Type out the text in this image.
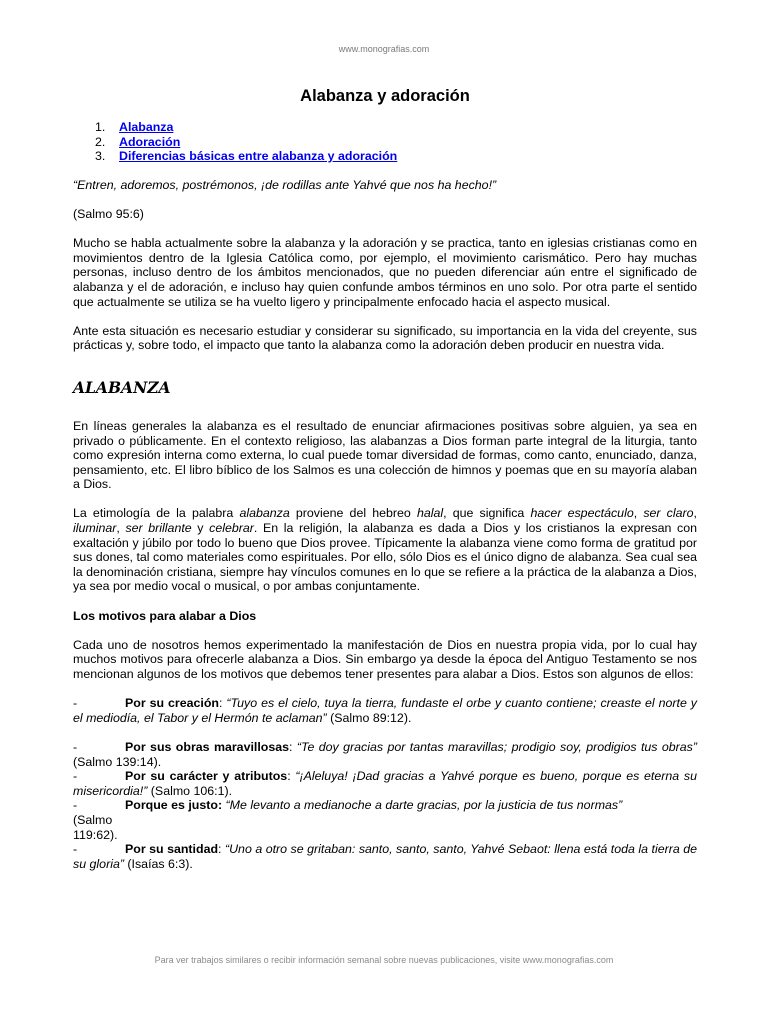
www.monografias.com
Alabanza y adoración
1. Alabanza
2. Adoración
3. Diferencias básicas entre alabanza y adoración

“Entren, adoremos, postrémonos, ¡de rodillas ante Yahvé que nos ha hecho!”

(Salmo 95:6)

Mucho se habla actualmente sobre la alabanza y la adoración y se practica, tanto en iglesias cristianas como en movimientos dentro de la Iglesia Católica como, por ejemplo, el movimiento carismático. Pero hay muchas personas, incluso dentro de los ámbitos mencionados, que no pueden diferenciar aún entre el significado de alabanza y el de adoración, e incluso hay quien confunde ambos términos en uno solo. Por otra parte el sentido que actualmente se utiliza se ha vuelto ligero y principalmente enfocado hacia el aspecto musical.

Ante esta situación es necesario estudiar y considerar su significado, su importancia en la vida del creyente, sus prácticas y, sobre todo, el impacto que tanto la alabanza como la adoración deben producir en nuestra vida.

ALABANZA

En líneas generales la alabanza es el resultado de enunciar afirmaciones positivas sobre alguien, ya sea en privado o públicamente. En el contexto religioso, las alabanzas a Dios forman parte integral de la liturgia, tanto como expresión interna como externa, lo cual puede tomar diversidad de formas, como canto, enunciado, danza, pensamiento, etc. El libro bíblico de los Salmos es una colección de himnos y poemas que en su mayoría alaban a Dios.

La etimología de la palabra alabanza proviene del hebreo halal, que significa hacer espectáculo, ser claro, iluminar, ser brillante y celebrar. En la religión, la alabanza es dada a Dios y los cristianos la expresan con exaltación y júbilo por todo lo bueno que Dios provee. Típicamente la alabanza viene como forma de gratitud por sus dones, tal como materiales como espirituales. Por ello, sólo Dios es el único digno de alabanza. Sea cual sea la denominación cristiana, siempre hay vínculos comunes en lo que se refiere a la práctica de la alabanza a Dios, ya sea por medio vocal o musical, o por ambas conjuntamente.

Los motivos para alabar a Dios

Cada uno de nosotros hemos experimentado la manifestación de Dios en nuestra propia vida, por lo cual hay muchos motivos para ofrecerle alabanza a Dios. Sin embargo ya desde la época del Antiguo Testamento se nos mencionan algunos de los motivos que debemos tener presentes para alabar a Dios. Estos son algunos de ellos:

-	Por su creación: “Tuyo es el cielo, tuya la tierra, fundaste el orbe y cuanto contiene; creaste el norte y el mediodía, el Tabor y el Hermón te aclaman” (Salmo 89:12).
-	Por sus obras maravillosas: “Te doy gracias por tantas maravillas; prodigio soy, prodigios tus obras” (Salmo 139:14).
-	Por su carácter y atributos: “¡Aleluya! ¡Dad gracias a Yahvé porque es bueno, porque es eterna su misericordia!” (Salmo 106:1).
-	Porque es justo: “Me levanto a medianoche a darte gracias, por la justicia de tus normas”
(Salmo
119:62).
-	Por su santidad: “Uno a otro se gritaban: santo, santo, santo, Yahvé Sebaot: llena está toda la tierra de su gloria” (Isaías 6:3).
Para ver trabajos similares o recibir información semanal sobre nuevas publicaciones, visite www.monografias.com
